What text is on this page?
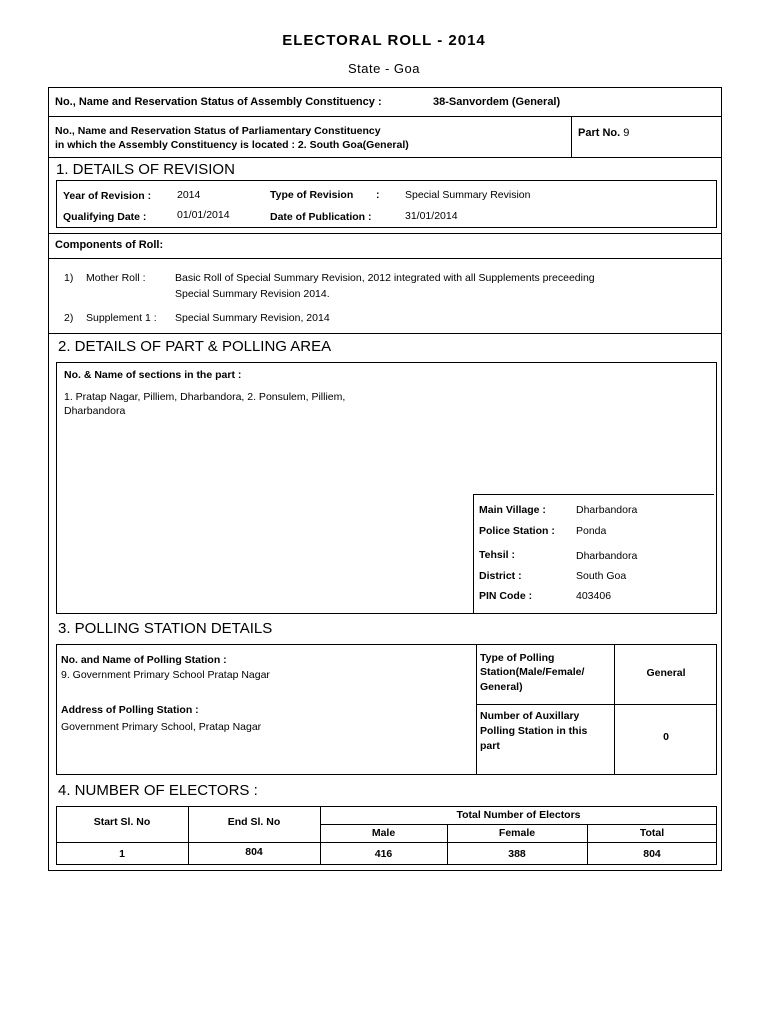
ELECTORAL ROLL - 2014
State - Goa
No., Name and Reservation Status of Assembly Constituency :	38-Sanvordem (General)
No., Name and Reservation Status of Parliamentary Constituency
in which the Assembly Constituency is located : 2. South Goa(General)
Part No. 9
1. DETAILS OF REVISION
Year of Revision : 2014	Type of Revision : Special Summary Revision
Qualifying Date :	01/01/2014	Date of Publication :	31/01/2014
Components of Roll:
1) Mother Roll :	Basic Roll of Special Summary Revision, 2012 integrated with all Supplements preceeding
Special Summary Revision 2014.
2) Supplement 1 : Special Summary Revision, 2014
2. DETAILS OF PART & POLLING AREA
No. & Name of sections in the part :
1. Pratap Nagar, Pilliem, Dharbandora, 2. Ponsulem, Pilliem,
Dharbandora
Main Village :	Dharbandora
Police Station : Ponda
Tehsil :	Dharbandora
District :	South Goa
PIN Code :	403406
3. POLLING STATION DETAILS
No. and Name of Polling Station :
9. Government Primary School Pratap Nagar
Address of Polling Station :
Government Primary School, Pratap Nagar
Type of Polling
Station(Male/Female/
General)
General
Number of Auxillary
Polling Station in this
part
0
4. NUMBER OF ELECTORS :
Start Sl. No	End Sl. No
Total Number of Electors
Male	Female	Total
1	804	416	388	804
